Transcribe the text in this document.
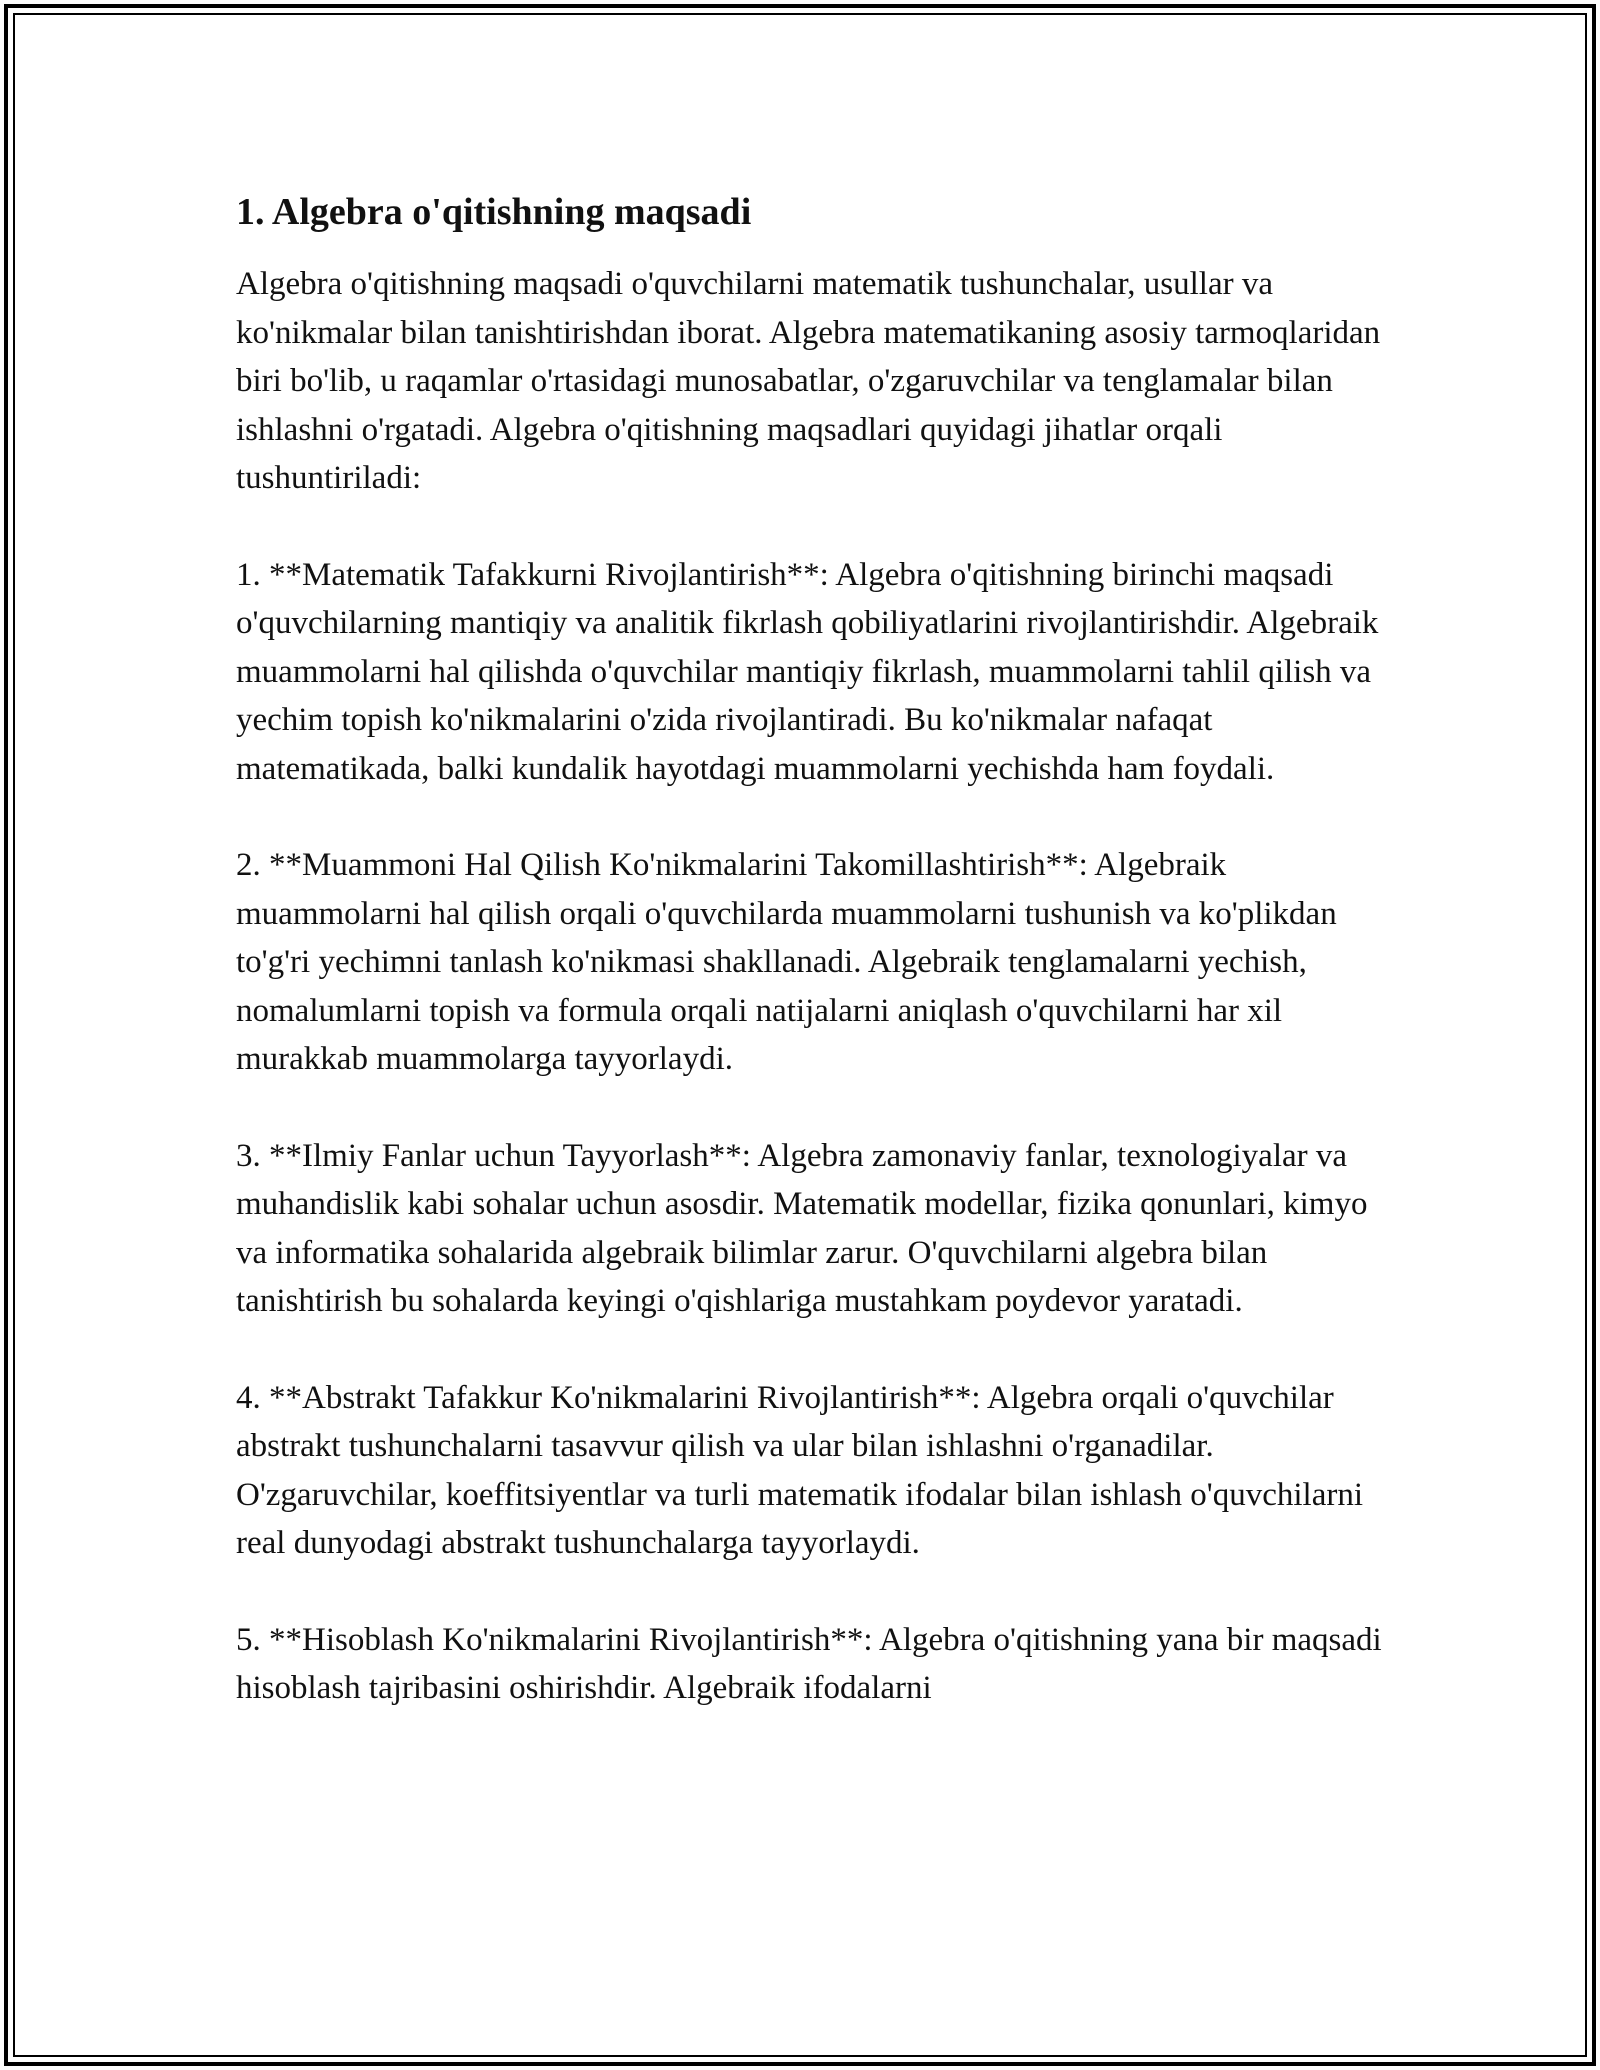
1. Algebra o'qitishning maqsadi

Algebra o'qitishning maqsadi o'quvchilarni matematik tushunchalar, usullar va ko'nikmalar bilan tanishtirishdan iborat. Algebra matematikaning asosiy tarmoqlaridan biri bo'lib, u raqamlar o'rtasidagi munosabatlar, o'zgaruvchilar va tenglamalar bilan ishlashni o'rgatadi. Algebra o'qitishning maqsadlari quyidagi jihatlar orqali tushuntiriladi:

1. **Matematik Tafakkurni Rivojlantirish**: Algebra o'qitishning birinchi maqsadi o'quvchilarning mantiqiy va analitik fikrlash qobiliyatlarini rivojlantirishdir. Algebraik muammolarni hal qilishda o'quvchilar mantiqiy fikrlash, muammolarni tahlil qilish va yechim topish ko'nikmalarini o'zida rivojlantiradi. Bu ko'nikmalar nafaqat matematikada, balki kundalik hayotdagi muammolarni yechishda ham foydali.

2. **Muammoni Hal Qilish Ko'nikmalarini Takomillashtirish**: Algebraik muammolarni hal qilish orqali o'quvchilarda muammolarni tushunish va ko'plikdan to'g'ri yechimni tanlash ko'nikmasi shakllanadi. Algebraik tenglamalarni yechish, nomalumlarni topish va formula orqali natijalarni aniqlash o'quvchilarni har xil murakkab muammolarga tayyorlaydi.

3. **Ilmiy Fanlar uchun Tayyorlash**: Algebra zamonaviy fanlar, texnologiyalar va muhandislik kabi sohalar uchun asosdir. Matematik modellar, fizika qonunlari, kimyo va informatika sohalarida algebraik bilimlar zarur. O'quvchilarni algebra bilan tanishtirish bu sohalarda keyingi o'qishlariga mustahkam poydevor yaratadi.

4. **Abstrakt Tafakkur Ko'nikmalarini Rivojlantirish**: Algebra orqali o'quvchilar abstrakt tushunchalarni tasavvur qilish va ular bilan ishlashni o'rganadilar. O'zgaruvchilar, koeffitsiyentlar va turli matematik ifodalar bilan ishlash o'quvchilarni real dunyodagi abstrakt tushunchalarga tayyorlaydi.

5. **Hisoblash Ko'nikmalarini Rivojlantirish**: Algebra o'qitishning yana bir maqsadi hisoblash tajribasini oshirishdir. Algebraik ifodalarni
